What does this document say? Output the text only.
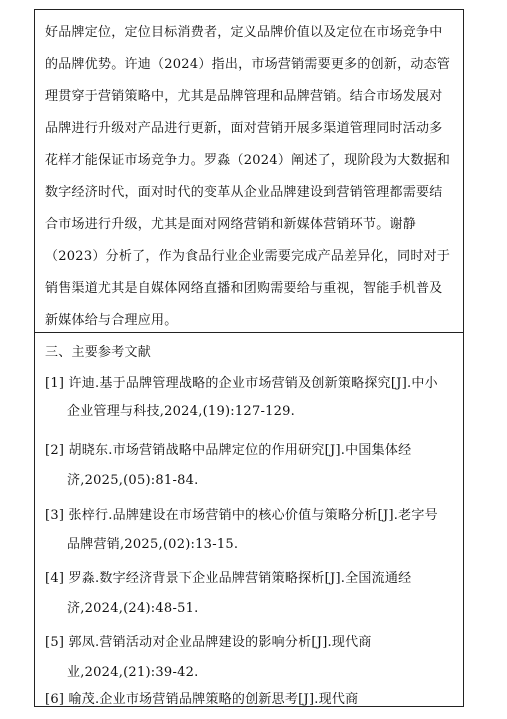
好品牌定位，定位目标消费者，定义品牌价值以及定位在市场竞争中
的品牌优势。许迪（2024）指出，市场营销需要更多的创新，动态管
理贯穿于营销策略中，尤其是品牌管理和品牌营销。结合市场发展对
品牌进行升级对产品进行更新，面对营销开展多渠道管理同时活动多
花样才能保证市场竞争力。罗淼（2024）阐述了，现阶段为大数据和
数字经济时代，面对时代的变革从企业品牌建设到营销管理都需要结
合市场进行升级，尤其是面对网络营销和新媒体营销环节。谢静
（2023）分析了，作为食品行业企业需要完成产品差异化，同时对于
销售渠道尤其是自媒体网络直播和团购需要给与重视，智能手机普及
新媒体给与合理应用。
三、主要参考文献
[1] 许迪.基于品牌管理战略的企业市场营销及创新策略探究[J].中小
企业管理与科技,2024,(19):127-129.
[2] 胡晓东.市场营销战略中品牌定位的作用研究[J].中国集体经
济,2025,(05):81-84.
[3] 张梓行.品牌建设在市场营销中的核心价值与策略分析[J].老字号
品牌营销,2025,(02):13-15.
[4] 罗淼.数字经济背景下企业品牌营销策略探析[J].全国流通经
济,2024,(24):48-51.
[5] 郭凤.营销活动对企业品牌建设的影响分析[J].现代商
业,2024,(21):39-42.
[6] 喻茂.企业市场营销品牌策略的创新思考[J].现代商
